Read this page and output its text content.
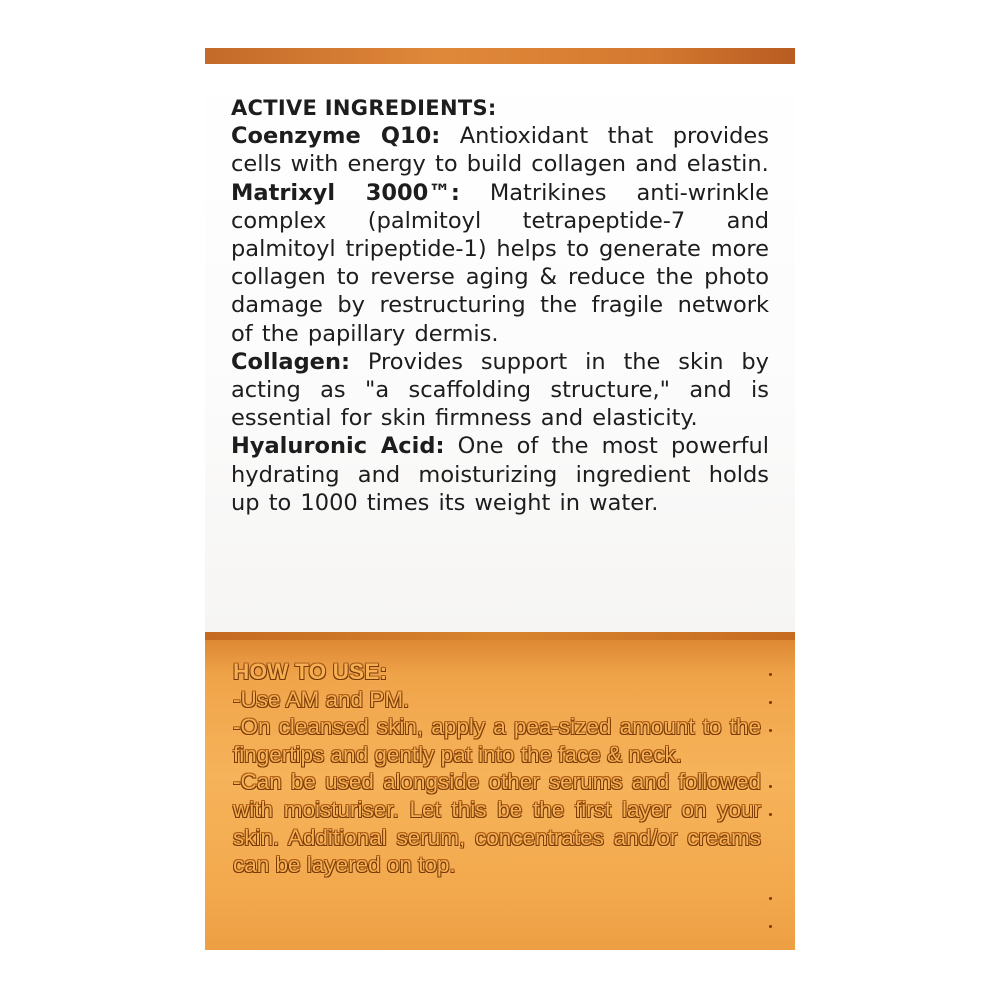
ACTIVE INGREDIENTS:

Coenzyme Q10: Antioxidant that provides cells with energy to build collagen and elastin.

Matrixyl 3000™: Matrikines anti-wrinkle complex (palmitoyl tetrapeptide-7 and palmitoyl tripeptide-1) helps to generate more collagen to reverse aging & reduce the photo damage by restructuring the fragile network of the papillary dermis.

Collagen: Provides support in the skin by acting as "a scaffolding structure," and is essential for skin firmness and elasticity.

Hyaluronic Acid: One of the most powerful hydrating and moisturizing ingredient holds up to 1000 times its weight in water.

HOW TO USE:

-Use AM and PM.

-On cleansed skin, apply a pea-sized amount to the fingertips and gently pat into the face & neck.

-Can be used alongside other serums and followed with moisturiser. Let this be the first layer on your skin. Additional serum, concentrates and/or creams can be layered on top.
